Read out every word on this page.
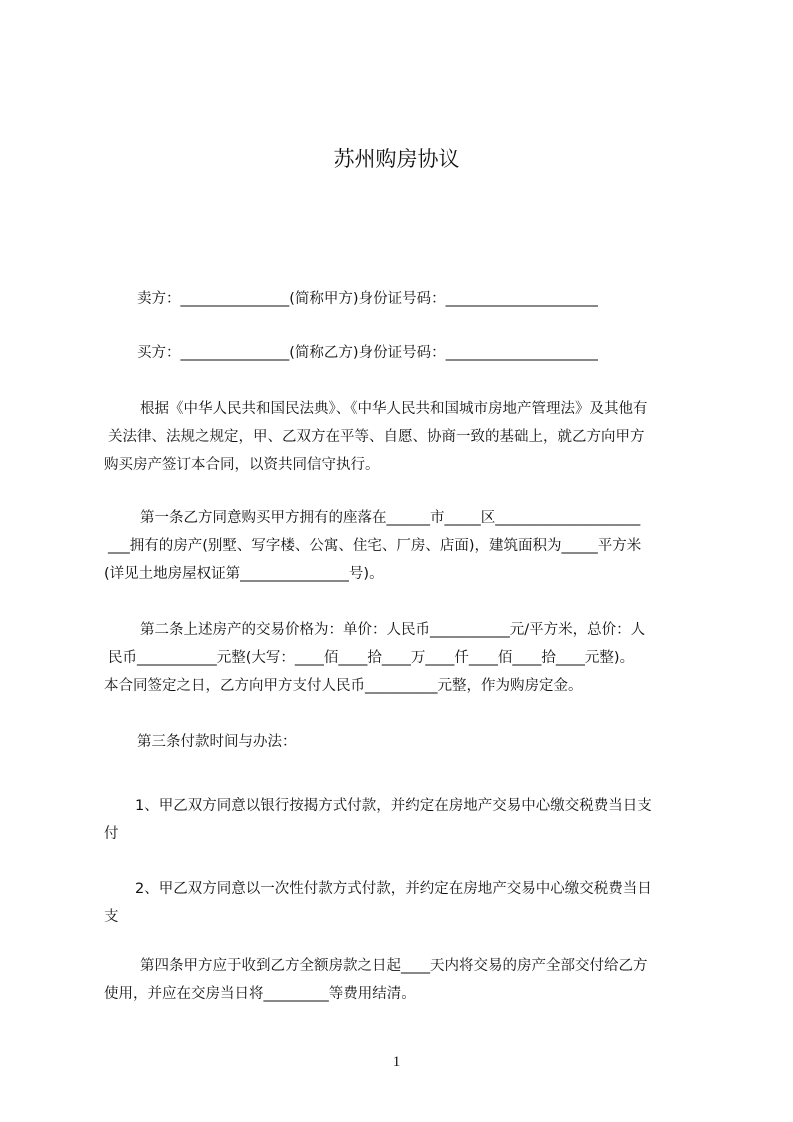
苏州购房协议
卖方：_______________(简称甲方)身份证号码：_____________________
买方：_______________(简称乙方)身份证号码：_____________________
根据《中华人民共和国民法典》、《中华人民共和国城市房地产管理法》及其他有
关法律、法规之规定，甲、乙双方在平等、自愿、协商一致的基础上，就乙方向甲方
购买房产签订本合同，以资共同信守执行。
第一条乙方同意购买甲方拥有的座落在______市_____区____________________
___拥有的房产(别墅、写字楼、公寓、住宅、厂房、店面)，建筑面积为_____平方米
(详见土地房屋权证第_______________号)。
第二条上述房产的交易价格为：单价：人民币___________元/平方米，总价：人
民币___________元整(大写：____佰____拾____万____仟____佰____拾____元整)。
本合同签定之日，乙方向甲方支付人民币__________元整，作为购房定金。
第三条付款时间与办法：
1、甲乙双方同意以银行按揭方式付款，并约定在房地产交易中心缴交税费当日支
付
2、甲乙双方同意以一次性付款方式付款，并约定在房地产交易中心缴交税费当日
支
第四条甲方应于收到乙方全额房款之日起____天内将交易的房产全部交付给乙方
使用，并应在交房当日将_________等费用结清。
1
